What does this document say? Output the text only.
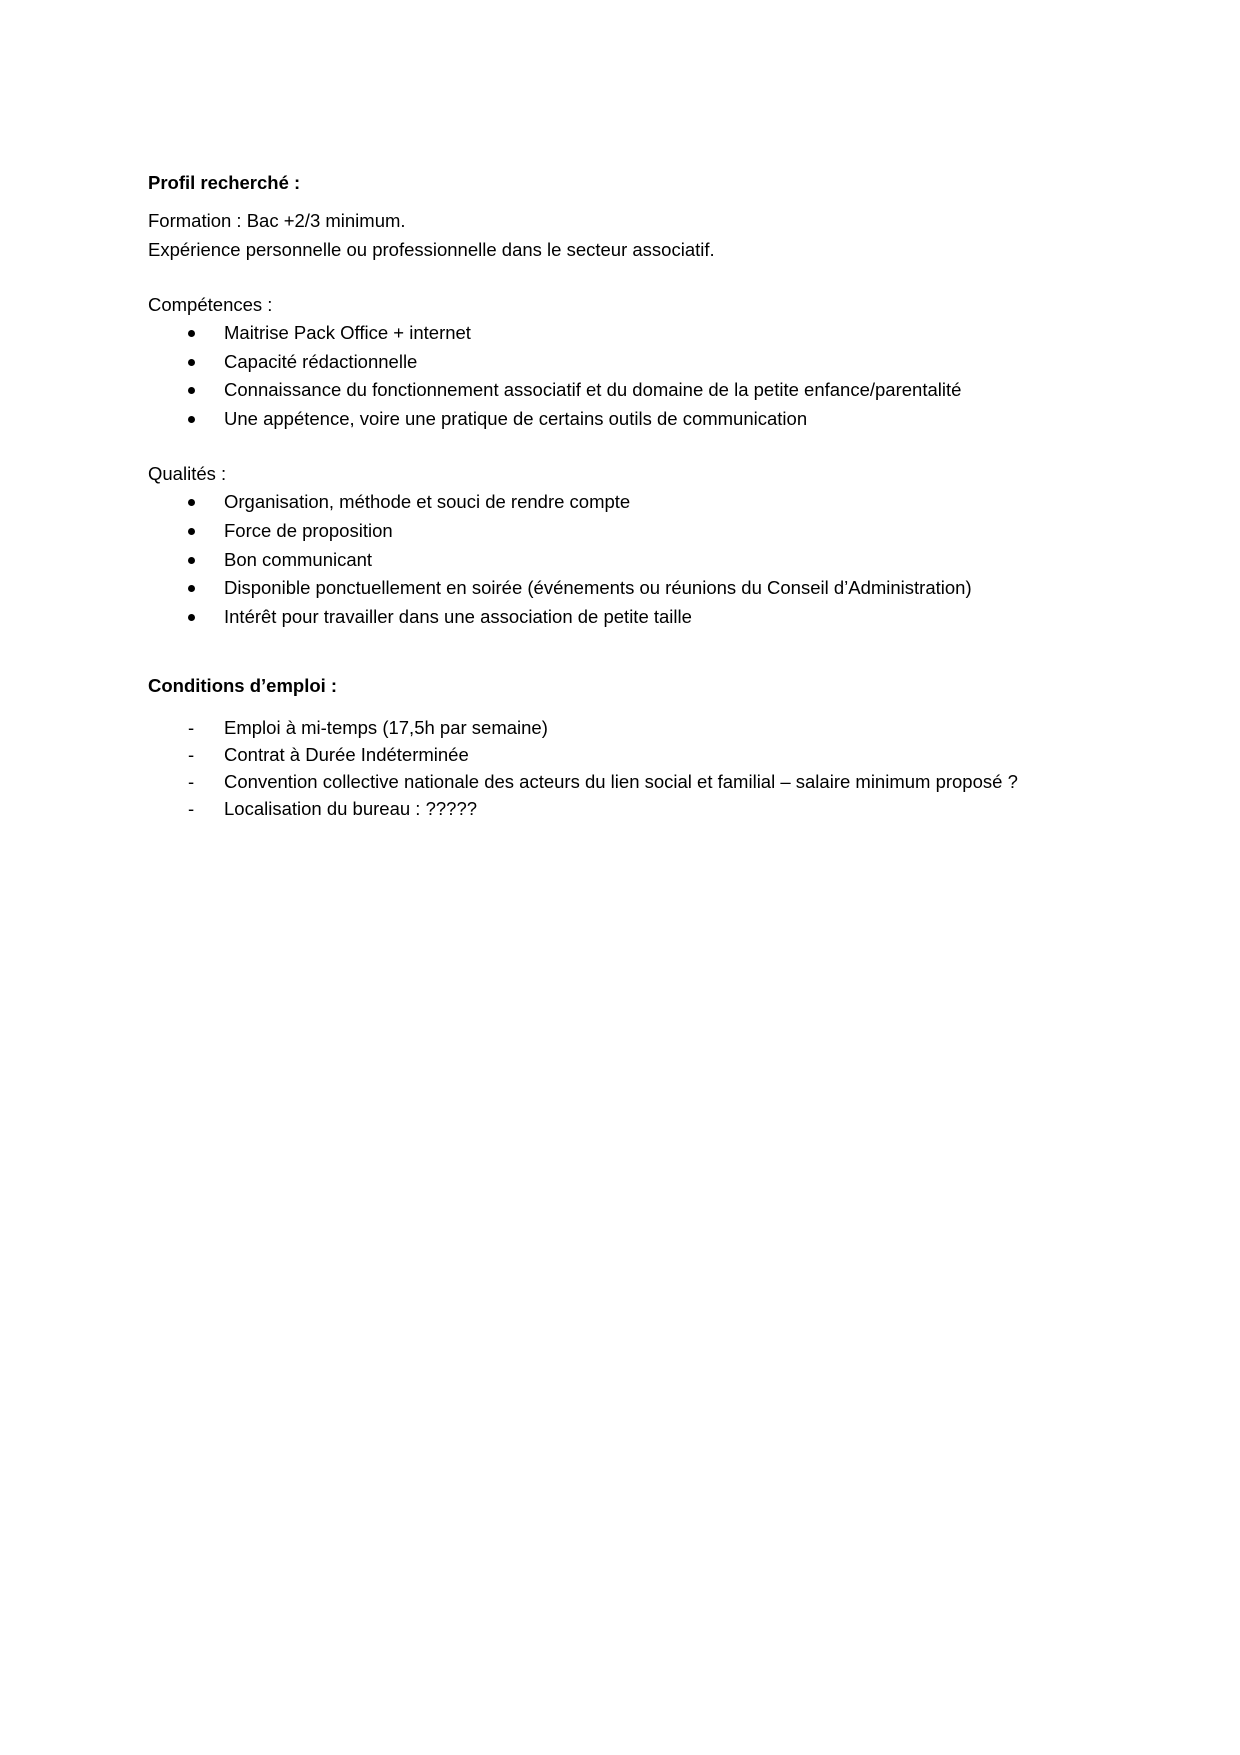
Profil recherché :

Formation : Bac +2/3 minimum.

Expérience personnelle ou professionnelle dans le secteur associatif.

Compétences :

Maitrise Pack Office + internet
Capacité rédactionnelle
Connaissance du fonctionnement associatif et du domaine de la petite enfance/parentalité
Une appétence, voire une pratique de certains outils de communication

Qualités :

Organisation, méthode et souci de rendre compte
Force de proposition
Bon communicant
Disponible ponctuellement en soirée (événements ou réunions du Conseil d’Administration)
Intérêt pour travailler dans une association de petite taille

Conditions d’emploi :

-	Emploi à mi-temps (17,5h par semaine)
-	Contrat à Durée Indéterminée
-	Convention collective nationale des acteurs du lien social et familial – salaire minimum proposé ?
-	Localisation du bureau : ?????
